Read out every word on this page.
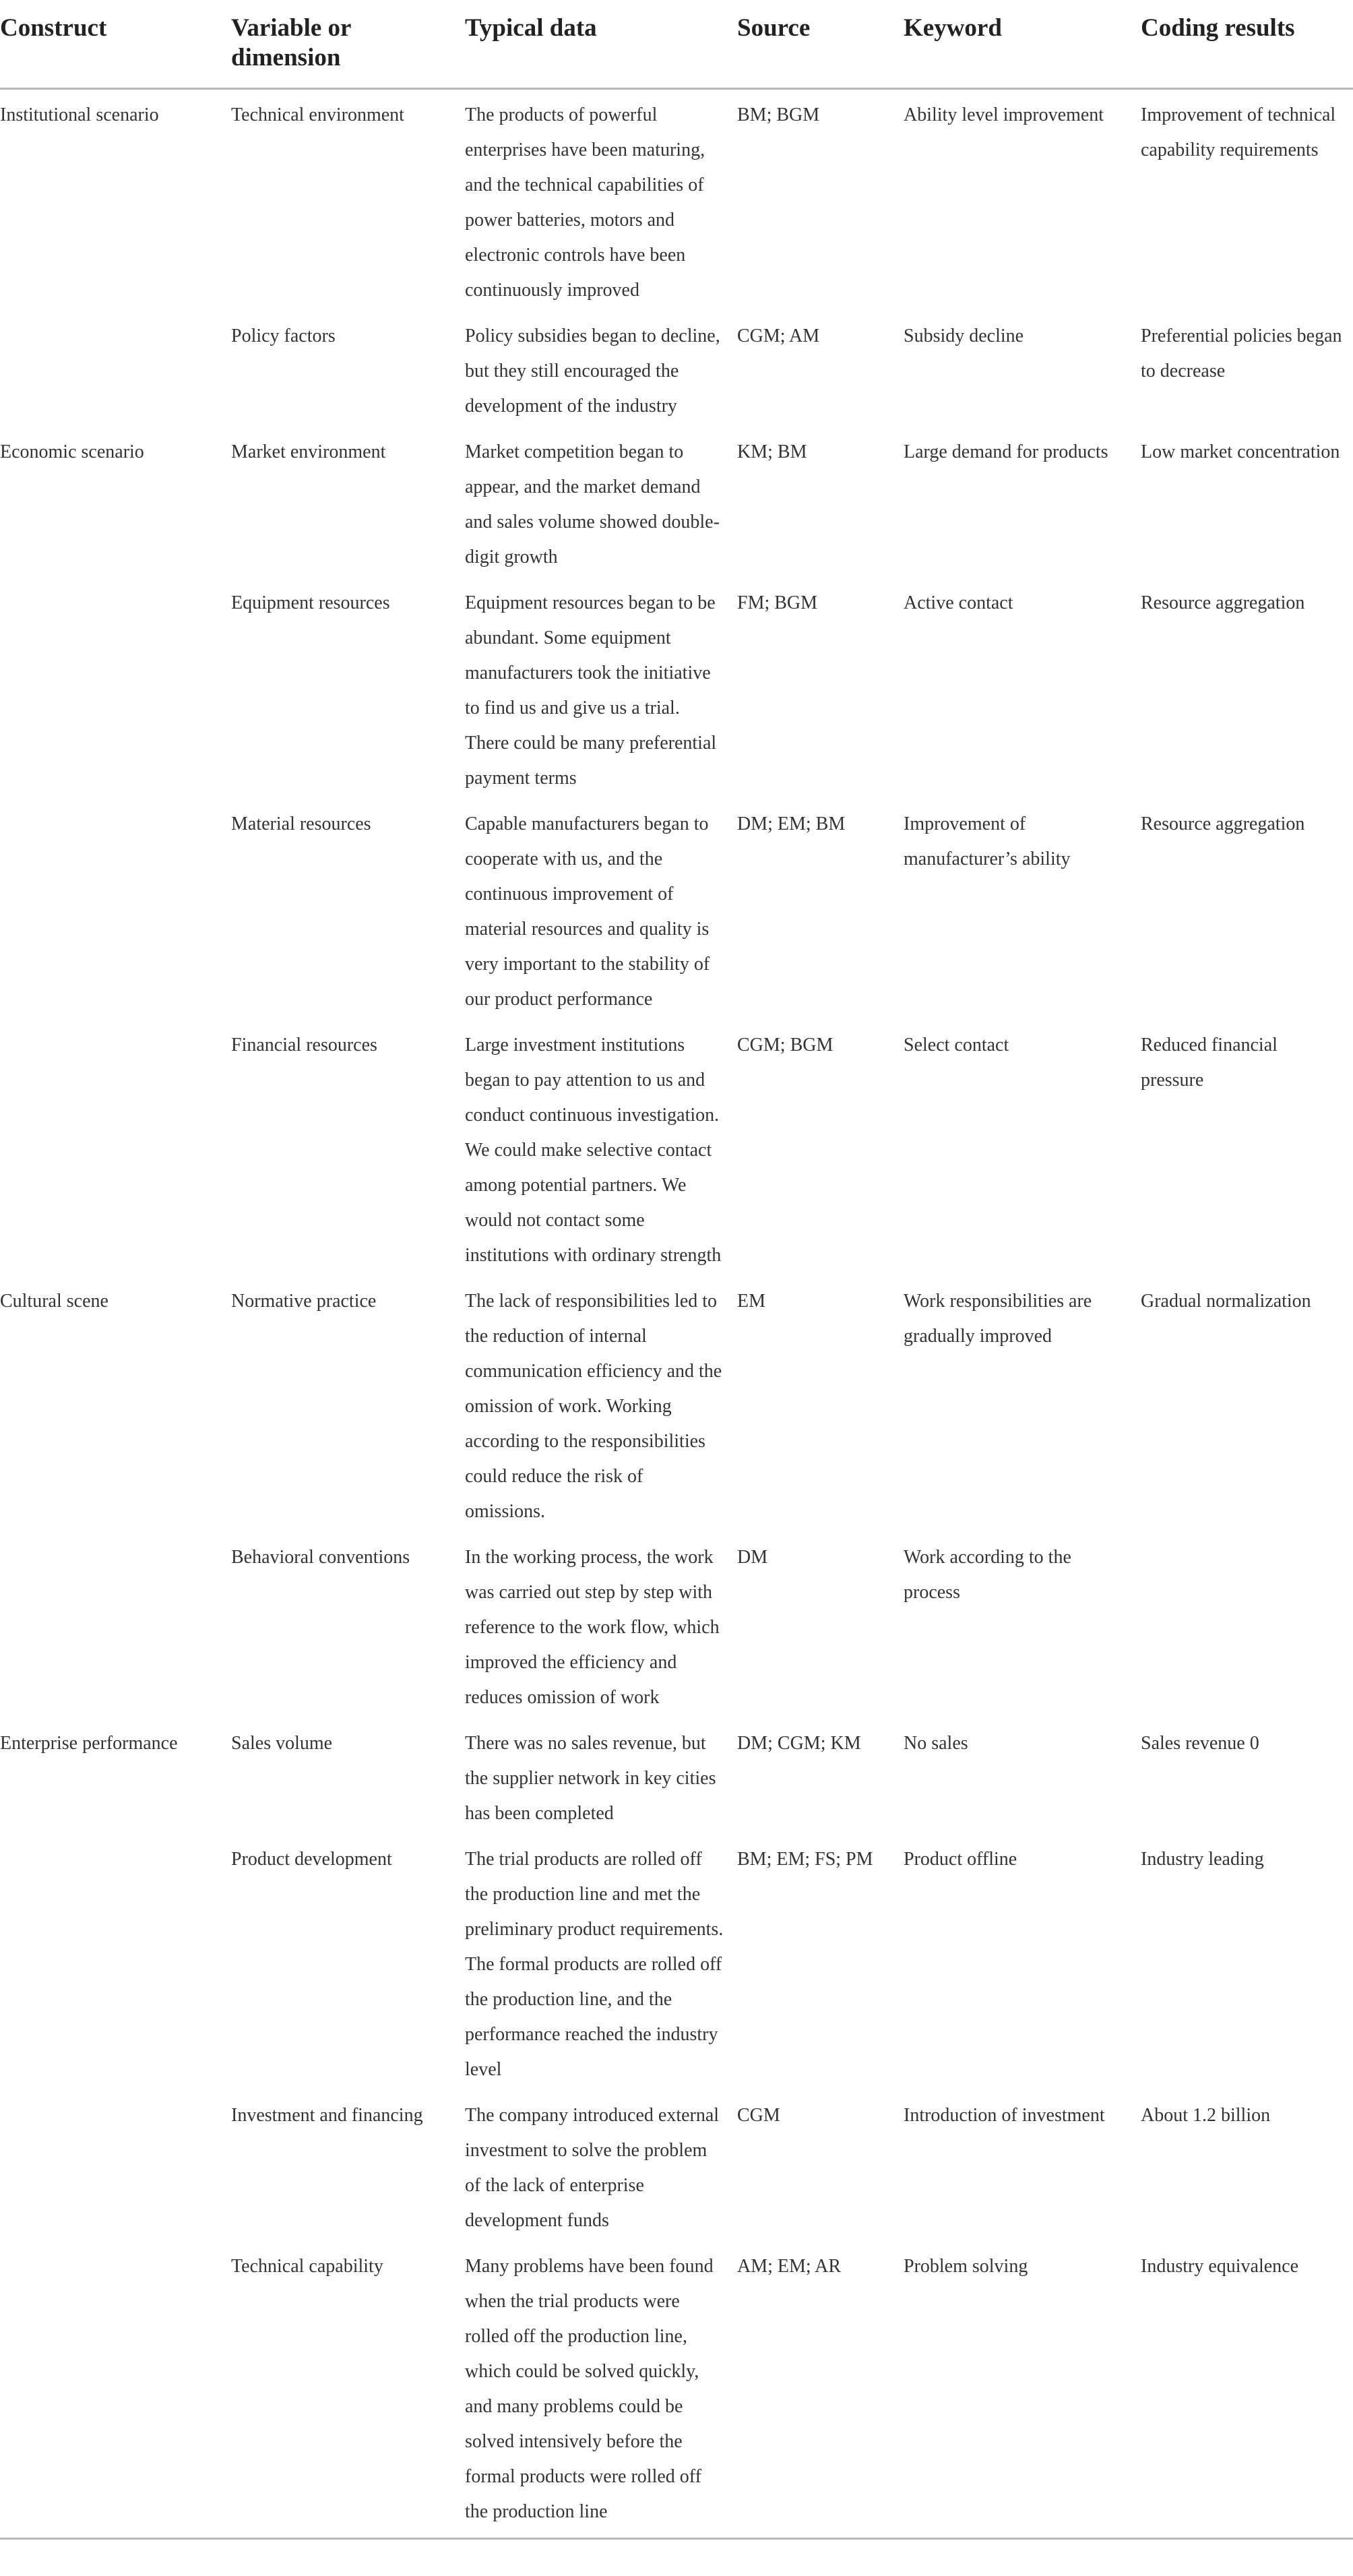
Construct	Variable or dimension	Typical data	Source	Keyword	Coding results
Institutional scenario	Technical environment	The products of powerful enterprises have been maturing, and the technical capabilities of power batteries, motors and electronic controls have been continuously improved	BM; BGM	Ability level improvement	Improvement of technical capability requirements
	Policy factors	Policy subsidies began to decline, but they still encouraged the development of the industry	CGM; AM	Subsidy decline	Preferential policies began to decrease
Economic scenario	Market environment	Market competition began to appear, and the market demand and sales volume showed double-digit growth	KM; BM	Large demand for products	Low market concentration
	Equipment resources	Equipment resources began to be abundant. Some equipment manufacturers took the initiative to find us and give us a trial. There could be many preferential payment terms	FM; BGM	Active contact	Resource aggregation
	Material resources	Capable manufacturers began to cooperate with us, and the continuous improvement of material resources and quality is very important to the stability of our product performance	DM; EM; BM	Improvement of manufacturer’s ability	Resource aggregation
	Financial resources	Large investment institutions began to pay attention to us and conduct continuous investigation. We could make selective contact among potential partners. We would not contact some institutions with ordinary strength	CGM; BGM	Select contact	Reduced financial pressure
Cultural scene	Normative practice	The lack of responsibilities led to the reduction of internal communication efficiency and the omission of work. Working according to the responsibilities could reduce the risk of omissions.	EM	Work responsibilities are gradually improved	Gradual normalization
	Behavioral conventions	In the working process, the work was carried out step by step with reference to the work flow, which improved the efficiency and reduces omission of work	DM	Work according to the process	
Enterprise performance	Sales volume	There was no sales revenue, but the supplier network in key cities has been completed	DM; CGM; KM	No sales	Sales revenue 0
	Product development	The trial products are rolled off the production line and met the preliminary product requirements. The formal products are rolled off the production line, and the performance reached the industry level	BM; EM; FS; PM	Product offline	Industry leading
	Investment and financing	The company introduced external investment to solve the problem of the lack of enterprise development funds	CGM	Introduction of investment	About 1.2 billion
	Technical capability	Many problems have been found when the trial products were rolled off the production line, which could be solved quickly, and many problems could be solved intensively before the formal products were rolled off the production line	AM; EM; AR	Problem solving	Industry equivalence
